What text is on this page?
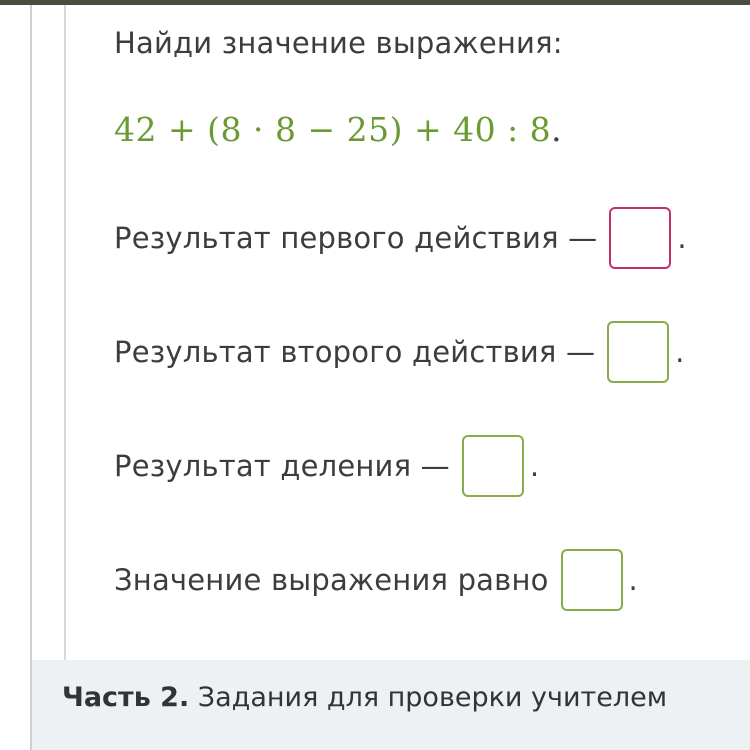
Найди значение выражения:
42 + (8 · 8 − 25) + 40 : 8.
Результат первого действия —	.
Результат второго действия —	.
Результат деления —	.
Значение выражения равно	.
Часть 2. Задания для проверки учителем
